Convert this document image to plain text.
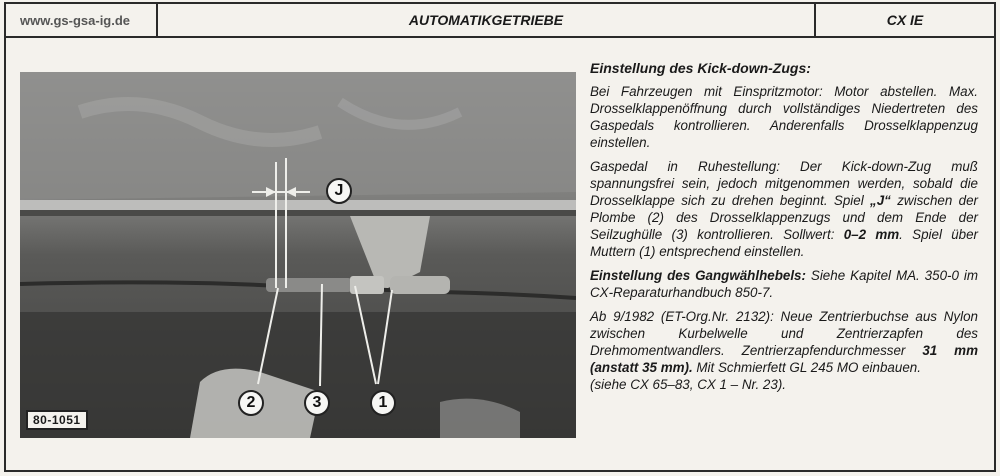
www.gs-gsa-ig.de	AUTOMATIKGETRIEBE	CX IE
J
2	3	1
80-1051

Einstellung des Kick-down-Zugs:

Bei Fahrzeugen mit Einspritzmotor: Motor abstellen. Max. Drosselklappenöffnung durch vollständiges Niedertreten des Gaspedals kontrollieren. Anderenfalls Drosselklappenzug einstellen.

Gaspedal in Ruhestellung: Der Kick-down-Zug muß spannungsfrei sein, jedoch mitgenommen werden, sobald die Drosselklappe sich zu drehen beginnt. Spiel „J“ zwischen der Plombe (2) des Drosselklappenzugs und dem Ende der Seilzughülle (3) kontrollieren. Sollwert: 0–2 mm. Spiel über Muttern (1) entsprechend einstellen.

Einstellung des Gangwählhebels: Siehe Kapitel MA. 350-0 im CX-Reparaturhandbuch 850-7.

Ab 9/1982 (ET-Org.Nr. 2132): Neue Zentrierbuchse aus Nylon zwischen Kurbelwelle und Zentrierzapfen des Drehmomentwandlers. Zentrierzapfendurchmesser 31 mm (anstatt 35 mm). Mit Schmierfett GL 245 MO einbauen.
(siehe CX 65–83, CX 1 – Nr. 23).
